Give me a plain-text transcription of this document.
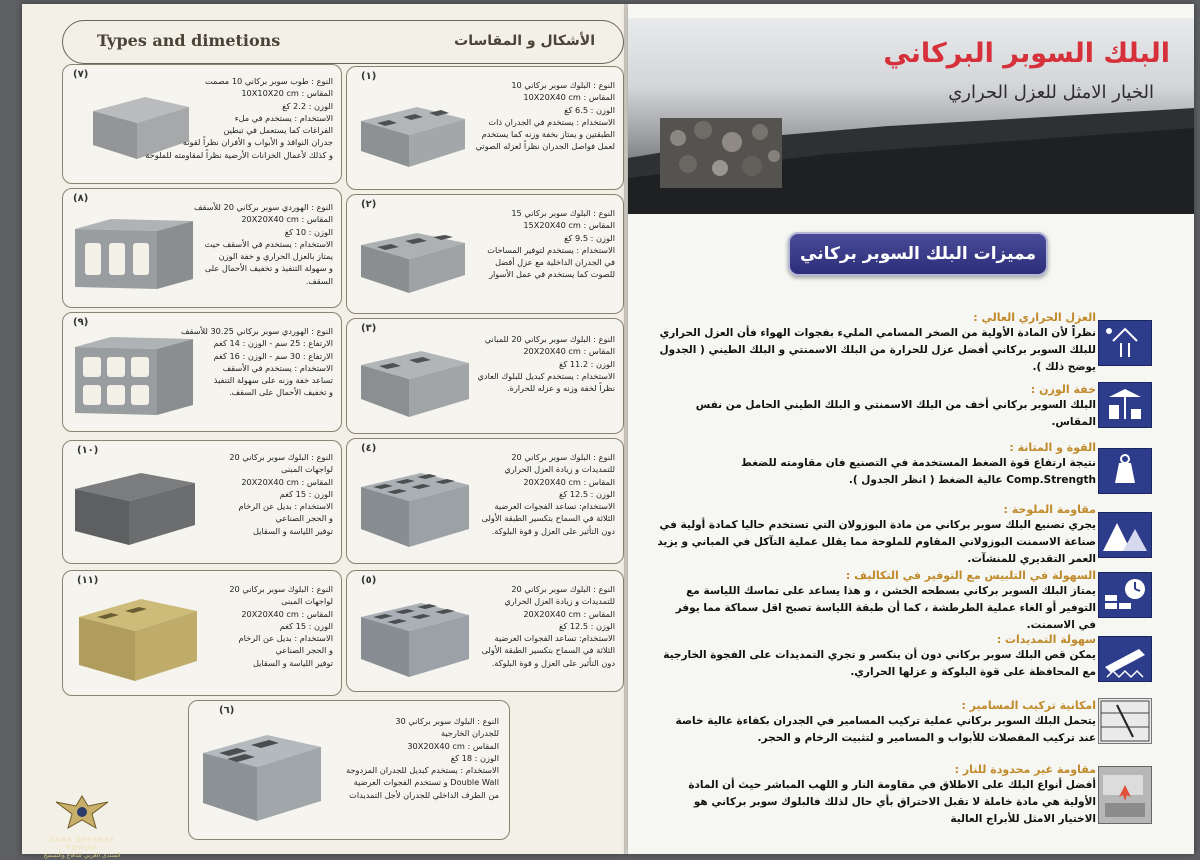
Types and dimetions	الأشكال و المقاسات
(١)
النوع : البلوك سوبر بركاني 10
المقاس : 10X20X40 cm
الوزن : 6.5 كغ
الاستخدام : يستخدم في الجدران ذات
الطبقتين و يمتاز بخفة وزنه كما يستخدم
لعمل فواصل الجدران نظراً لعزله الصوتي
(٢)
النوع : البلوك سوبر بركاني 15
المقاس : 15X20X40 cm
الوزن : 9.5 كغ
الاستخدام : يستخدم لتوفير المساحات
في الجدران الداخلية مع عزل أفضل
للصوت كما يستخدم في عمل الأسوار
(٣)
النوع : البلوك سوبر بركاني 20 للمباني
المقاس : 20X20X40 cm
الوزن : 11.2 كغ
الاستخدام : يستخدم كبديل للبلوك العادي
نظراً لخفة وزنه و عزله للحرارة.
(٤)
النوع : البلوك سوبر بركاني 20
للتمديدات و زيادة العزل الحراري
المقاس : 20X20X40 cm
الوزن : 12.5 كغ
الاستخدام: تساعد الفجوات العرضية
الثلاثة في السماح بتكسير الطبقة الأولى
دون التأثير على العزل و قوة البلوكة.
(٥)
النوع : البلوك سوبر بركاني 20
للتمديدات و زيادة العزل الحراري
المقاس : 20X20X40 cm
الوزن : 12.5 كغ
الاستخدام: تساعد الفجوات العرضية
الثلاثة في السماح بتكسير الطبقة الأولى
دون التأثير على العزل و قوة البلوكة.
(٧)
النوع : طوب سوبر بركاني 10 مصمت
المقاس : 10X10X20 cm
الوزن : 2.2 كغ
الاستخدام : يستخدم في ملء
الفراغات كما يستعمل في تبطين
جدران النوافذ و الأبواب و الأفران نظراً لقوته
و كذلك لأعمال الخزانات الأرضية نظراً لمقاومته للملوحة
(٨)
النوع : الهوردي سوبر بركاني 20 للأسقف
المقاس : 20X20X40 cm
الوزن : 10 كغ
الاستخدام : يستخدم في الأسقف حيث
يمتاز بالعزل الحراري و خفة الوزن
و سهولة التنفيذ و تخفيف الأحمال على
السقف.
(٩)
النوع : الهوردي سوبر بركاني 30.25 للأسقف
الارتفاع : 25 سم - الوزن : 14 كغم
الارتفاع : 30 سم - الوزن : 16 كغم
الاستخدام : يستخدم في الأسقف
تساعد خفة وزنه على سهولة التنفيذ
و تخفيف الأحمال على السقف.
(١٠)
النوع : البلوك سوبر بركاني 20
لواجهات المبنى
المقاس : 20X20X40 cm
الوزن : 15 كغم
الاستخدام : بديل عن الرخام
و الحجر الصناعي
توفير اللياسة و السقايل
(١١)
النوع : البلوك سوبر بركاني 20
لواجهات المبنى
المقاس : 20X20X40 cm
الوزن : 15 كغم
الاستخدام : بديل عن الرخام
و الحجر الصناعي
توفير اللياسة و السقايل
(٦)
النوع : البلوك سوبر بركاني 30
للجدران الخارجية
المقاس : 30X20X40 cm
الوزن : 18 كغ
الاستخدام : يستخدم كبديل للجدران المزدوجة
Double Wall و تستخدم الفجوات العرضية
من الطرف الداخلي للجدران لأجل التمديدات
ARAB DEFENSE FORUM
المنتدى العربي للدفاع والتسليح
البلك السوبر البركاني
الخيار الامثل للعزل الحراري
مميزات البلك السوبر بركاني
العزل الحراري العالي :
نظراً لأن المادة الأولية من الصخر المسامي المليء بفجوات الهواء فأن العزل الحراري للبلك السوبر بركاني أفضل عزل للحرارة من البلك الاسمنتي و البلك الطيني ( الجدول يوضح ذلك ).
خفة الوزن :
البلك السوبر بركاني أخف من البلك الاسمنتي و البلك الطيني الحامل من نفس المقاس.
القوة و المتانة :
نتيجة ارتفاع قوة الضغط المستخدمة في التصنيع فان مقاومته للضغط Comp.Strength عالية الضغط ( انظر الجدول ).
مقاومة الملوحة :
يجري تصنيع البلك سوبر بركاني من مادة البوزولان التي تستخدم حاليا كمادة أولية في صناعة الاسمنت البوزولاني المقاوم للملوحة مما يقلل عملية التآكل في المباني و يزيد العمر التقديري للمنشآت.
السهولة في التلبيس مع التوفير في التكاليف :
يمتاز البلك السوبر بركاني بسطحه الخشن ، و هذا يساعد على تماسك اللياسة مع التوفير أو الغاء عملية الطرطشة ، كما أن طبقة اللياسة تصبح اقل سماكة مما يوفر في الاسمنت.
سهولة التمديدات :
يمكن قص البلك سوبر بركاني دون أن ينكسر و تجري التمديدات على الفجوة الخارجية مع المحافظة على قوة البلوكة و عزلها الحراري.
امكانية تركيب المسامير :
يتحمل البلك السوبر بركاني عملية تركيب المسامير في الجدران بكفاءة عالية خاصة عند تركيب المفصلات للأبواب و المسامير و لتثبيت الرخام و الحجر.
مقاومة غير محدودة للنار :
أفضل أنواع البلك على الاطلاق في مقاومة النار و اللهب المباشر حيث أن المادة الأولية هي مادة خاملة لا تقبل الاحتراق بأي حال لذلك فالبلوك سوبر بركاني هو الاختيار الامثل للأبراج العالية
